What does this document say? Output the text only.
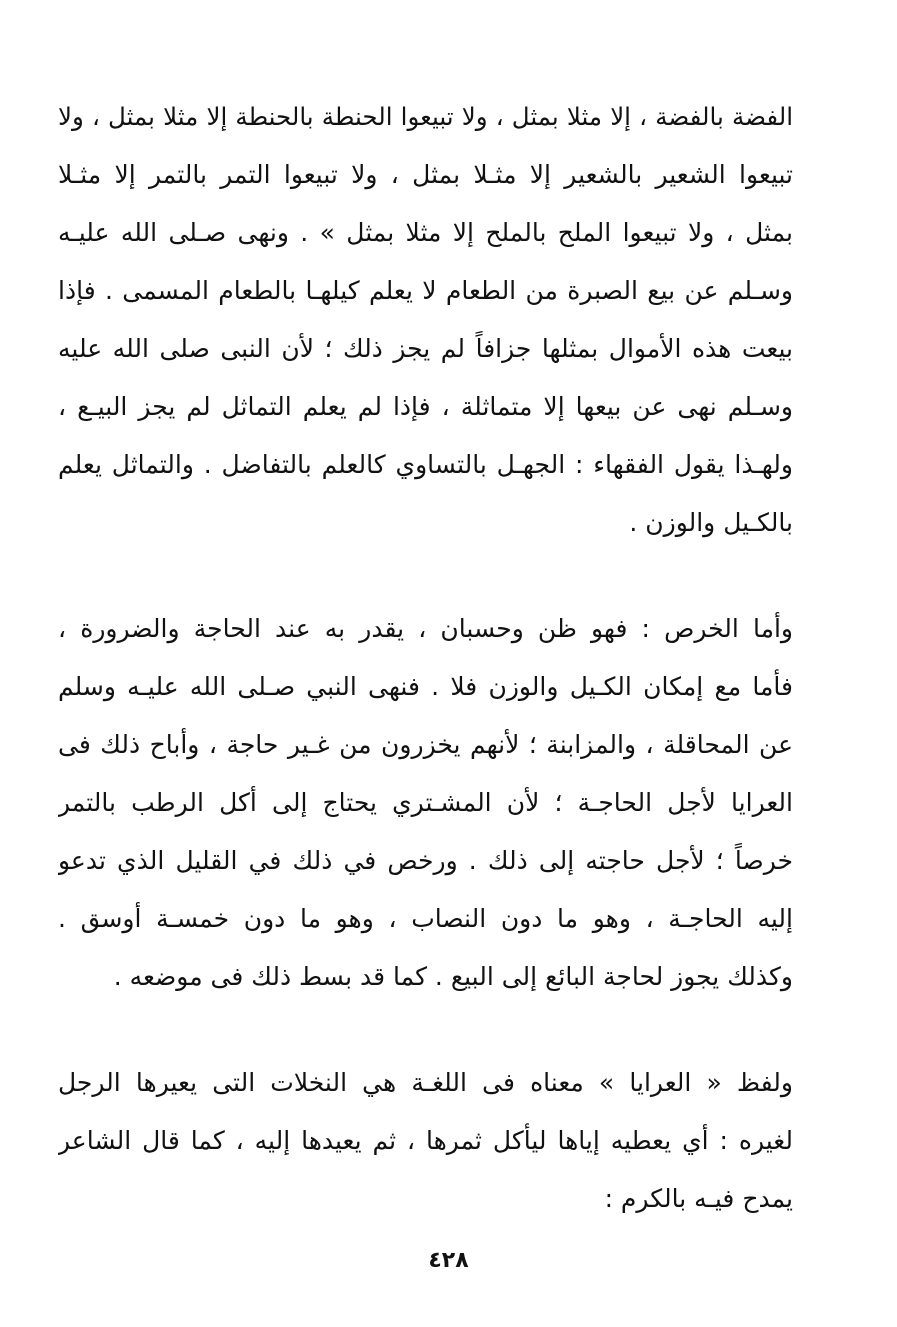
الفضة بالفضة ، إلا مثلا بمثل ، ولا تبيعوا الحنطة بالحنطة إلا مثلا بمثل ، ولا
تبيعوا الشعير بالشعير إلا مثـلا بمثل ، ولا تبيعوا التمر بالتمر إلا مثـلا
بمثل ، ولا تبيعوا الملح بالملح إلا مثلا بمثل » . ونهى صـلى الله عليـه
وسـلم عن بيع الصبرة من الطعام لا يعلم كيلهـا بالطعام المسمى . فإذا
بيعت هذه الأموال بمثلها جزافاً لم يجز ذلك ؛ لأن النبى صلى الله عليه
وسـلم نهى عن بيعها إلا متماثلة ، فإذا لم يعلم التماثل لم يجز البيـع ،
ولهـذا يقول الفقهاء : الجهـل بالتساوي كالعلم بالتفاضل . والتماثل يعلم
بالكـيل والوزن .
وأما الخرص : فهو ظن وحسبان ، يقدر به عند الحاجة والضرورة ،
فأما مع إمكان الكـيل والوزن فلا . فنهى النبي صـلى الله عليـه وسلم
عن المحاقلة ، والمزابنة ؛ لأنهم يخزرون من غـير حاجة ، وأباح ذلك فى
العرايا لأجل الحاجـة ؛ لأن المشـتري يحتاج إلى أكل الرطب بالتمر
خرصاً ؛ لأجل حاجته إلى ذلك . ورخص في ذلك في القليل الذي تدعو
إليه الحاجـة ، وهو ما دون النصاب ، وهو ما دون خمسـة أوسق .
وكذلك يجوز لحاجة البائع إلى البيع . كما قد بسط ذلك فى موضعه .
ولفظ « العرايا » معناه فى اللغـة هي النخلات التى يعيرها الرجل
لغيره : أي يعطيه إياها ليأكل ثمرها ، ثم يعيدها إليه ، كما قال الشاعر
يمدح فيـه بالكرم :
٤٢٨
